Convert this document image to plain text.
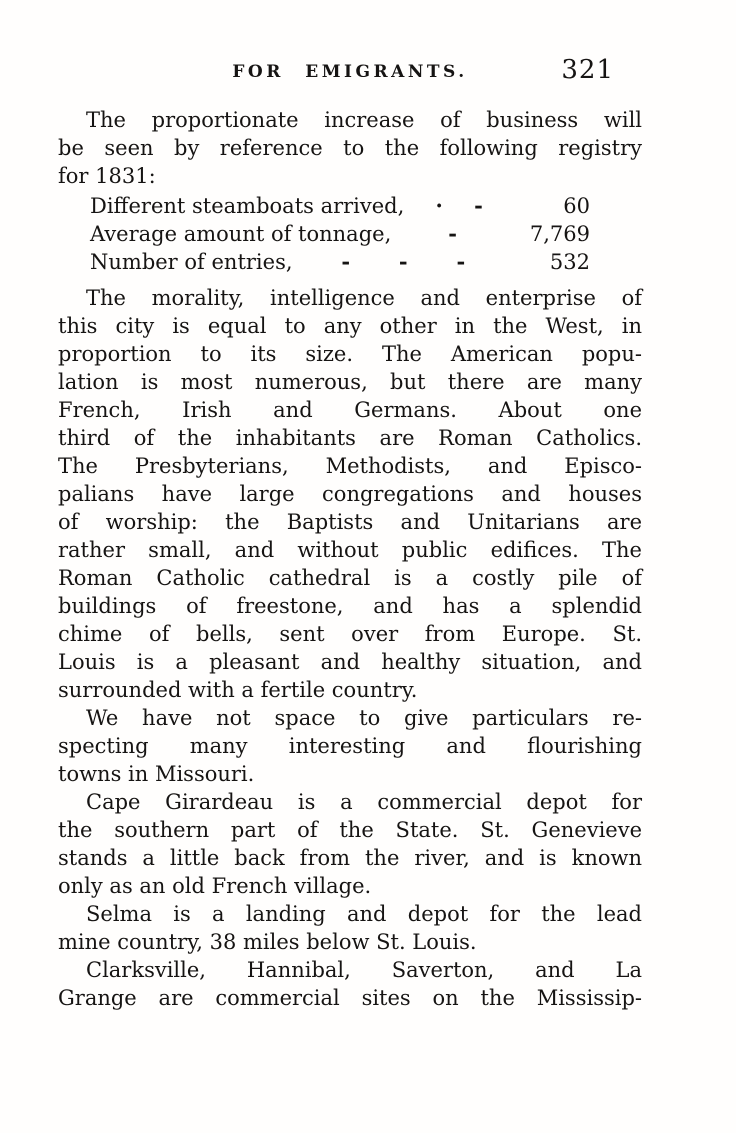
FOR EMIGRANTS.	321
The proportionate increase of business will
be seen by reference to the following registry
for 1831:
Different steamboats arrived, · -	60
Average amount of tonnage,	-	7,769
Number of entries, - - -	532
The morality, intelligence and enterprise of
this city is equal to any other in the West, in
proportion to its size. The American popu-
lation is most numerous, but there are many
French, Irish and Germans. About one
third of the inhabitants are Roman Catholics.
The Presbyterians, Methodists, and Episco-
palians have large congregations and houses
of worship: the Baptists and Unitarians are
rather small, and without public edifices. The
Roman Catholic cathedral is a costly pile of
buildings of freestone, and has a splendid
chime of bells, sent over from Europe. St.
Louis is a pleasant and healthy situation, and
surrounded with a fertile country.
We have not space to give particulars re-
specting many interesting and flourishing
towns in Missouri.
Cape Girardeau is a commercial depot for
the southern part of the State. St. Genevieve
stands a little back from the river, and is known
only as an old French village.
Selma is a landing and depot for the lead
mine country, 38 miles below St. Louis.
Clarksville, Hannibal, Saverton, and La
Grange are commercial sites on the Mississip-
